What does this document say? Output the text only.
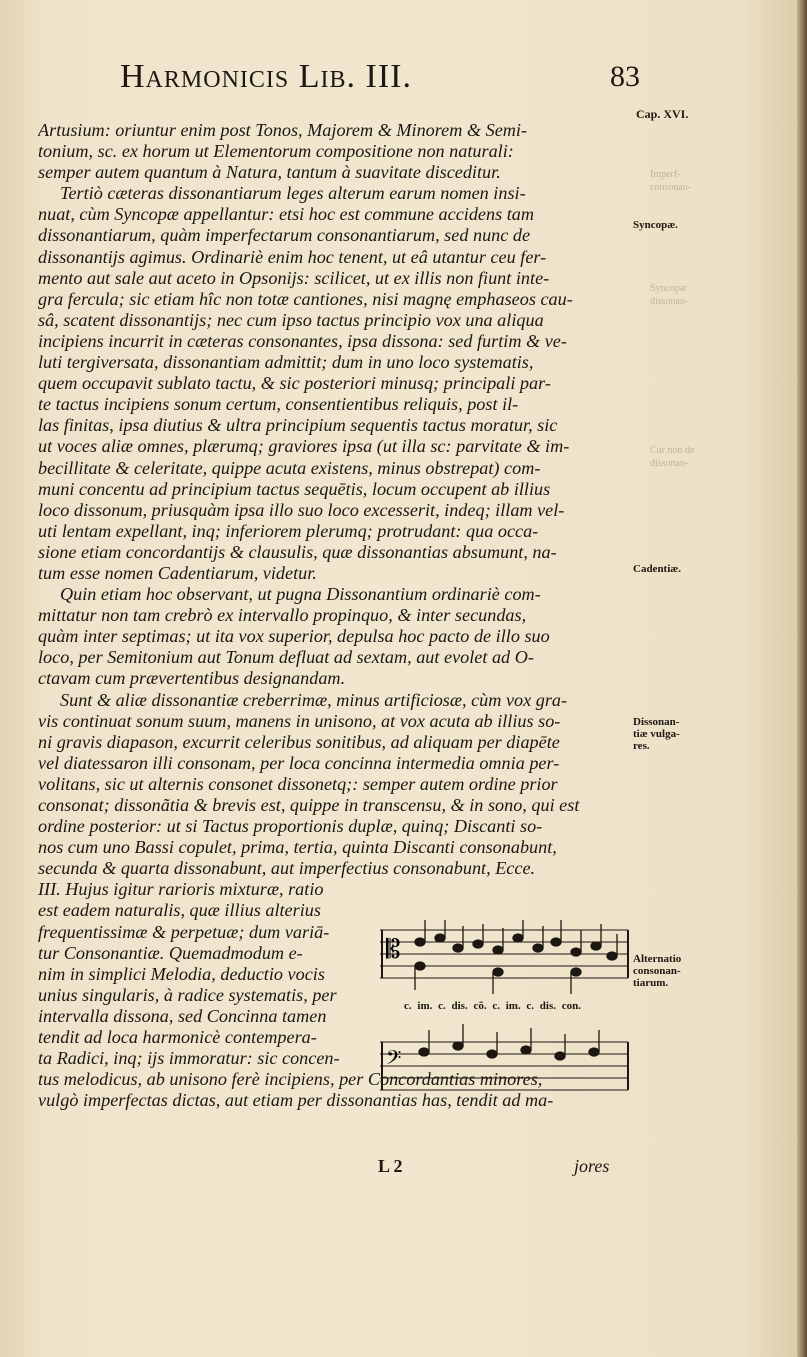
Harmonicis Lib. III.	83
Cap. XVI.
Artusium: oriuntur enim post Tonos, Majorem & Minorem & Semi-
tonium, sc. ex horum ut Elementorum compositione non naturali:
semper autem quantum à Natura, tantum à suavitate disceditur.
Tertiò cæteras dissonantiarum leges alterum earum nomen insi-
nuat, cùm Syncopæ appellantur: etsi hoc est commune accidens tam
dissonantiarum, quàm imperfectarum consonantiarum, sed nunc de
dissonantijs agimus. Ordinariè enim hoc tenent, ut eâ utantur ceu fer-
mento aut sale aut aceto in Opsonijs: scilicet, ut ex illis non fiunt inte-
gra fercula; sic etiam hîc non totæ cantiones, nisi magnę emphaseos cau-
sâ, scatent dissonantijs; nec cum ipso tactus principio vox una aliqua
incipiens incurrit in cæteras consonantes, ipsa dissona: sed furtim & ve-
luti tergiversata, dissonantiam admittit; dum in uno loco systematis,
quem occupavit sublato tactu, & sic posteriori minusq; principali par-
te tactus incipiens sonum certum, consentientibus reliquis, post il-
las finitas, ipsa diutius & ultra principium sequentis tactus moratur, sic
ut voces aliæ omnes, plærumq; graviores ipsa (ut illa sc: parvitate & im-
becillitate & celeritate, quippe acuta existens, minus obstrepat) com-
muni concentu ad principium tactus sequētis, locum occupent ab illius
loco dissonum, priusquàm ipsa illo suo loco excesserit, indeq; illam vel-
uti lentam expellant, inq; inferiorem plerumq; protrudant: qua occa-
sione etiam concordantijs & clausulis, quæ dissonantias absumunt, na-
tum esse nomen Cadentiarum, videtur.
Quin etiam hoc observant, ut pugna Dissonantium ordinariè com-
mittatur non tam crebrò ex intervallo propinquo, & inter secundas,
quàm inter septimas; ut ita vox superior, depulsa hoc pacto de illo suo
loco, per Semitonium aut Tonum defluat ad sextam, aut evolet ad O-
ctavam cum prævertentibus designandam.
Sunt & aliæ dissonantiæ creberrimæ, minus artificiosæ, cùm vox gra-
vis continuat sonum suum, manens in unisono, at vox acuta ab illius so-
ni gravis diapason, excurrit celeribus sonitibus, ad aliquam per diapēte
vel diatessaron illi consonam, per loca concinna intermedia omnia per-
volitans, sic ut alternis consonet dissonetq;: semper autem ordine prior
consonat; dissonãtia & brevis est, quippe in transcensu, & in sono, qui est
ordine posterior: ut si Tactus proportionis duplæ, quinq; Discanti so-
nos cum uno Bassi copulet, prima, tertia, quinta Discanti consonabunt,
secunda & quarta dissonabunt, aut imperfectius consonabunt, Ecce.
III. Hujus igitur rarioris mixturæ, ratio
est eadem naturalis, quæ illius alterius
frequentissimæ & perpetuæ; dum variā-
tur Consonantiæ. Quemadmodum e-
nim in simplici Melodia, deductio vocis
unius singularis, à radice systematis, per
intervalla dissona, sed Concinna tamen
tendit ad loca harmonicè contempera-
ta Radici, inq; ijs immoratur: sic concen-
tus melodicus, ab unisono ferè incipiens, per Concordantias minores,
vulgò imperfectas dictas, aut etiam per dissonantias has, tendit ad ma-
Imperf-
consonan-
Syncopæ
dissonan-
Cur non de
dissonan-
Syncopæ.
Cadentiæ.
Dissonan-
tiæ vulga-
res.
Alternatio
consonan-
tiarum.
𝄡
c. im. c. dis. cõ. c. im. c. dis. con.
𝄢
L 2	jores
